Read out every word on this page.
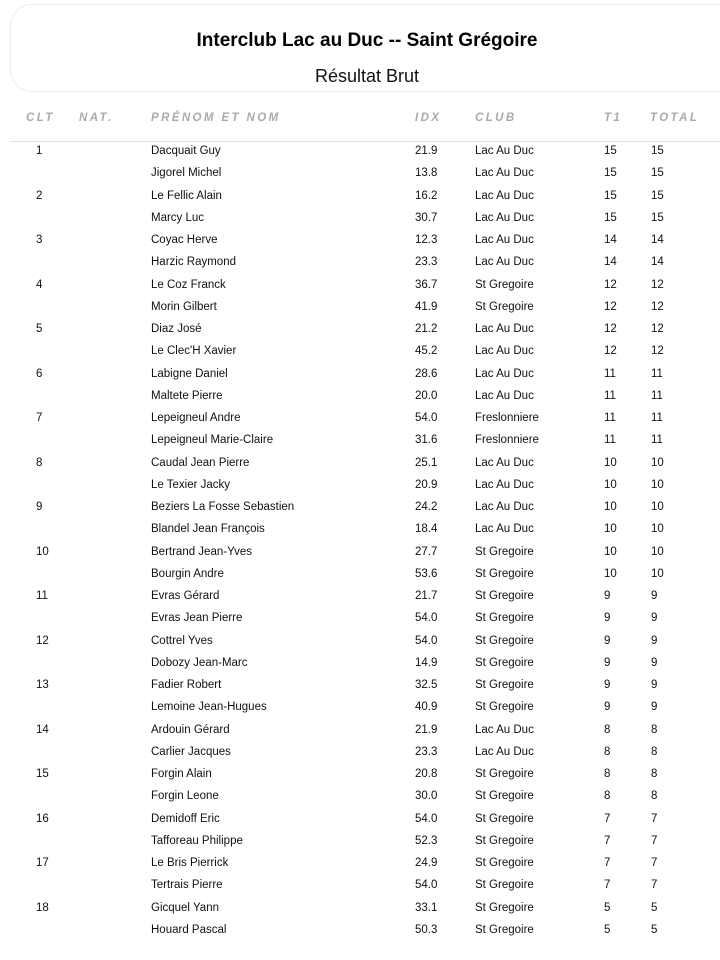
Interclub Lac au Duc -- Saint Grégoire
Résultat Brut
CLT NAT.	PRÉNOM ET NOM	IDX	CLUB	T1 TOTAL
1	Dacquait Guy	21.9	Lac Au Duc	15	15
Jigorel Michel	13.8	Lac Au Duc	15	15
2	Le Fellic Alain	16.2	Lac Au Duc	15	15
Marcy Luc	30.7	Lac Au Duc	15	15
3	Coyac Herve	12.3	Lac Au Duc	14	14
Harzic Raymond	23.3	Lac Au Duc	14	14
4	Le Coz Franck	36.7	St Gregoire	12	12
Morin Gilbert	41.9	St Gregoire	12	12
5	Diaz José	21.2	Lac Au Duc	12	12
Le Clec'H Xavier	45.2	Lac Au Duc	12	12
6	Labigne Daniel	28.6	Lac Au Duc	11	11
Maltete Pierre	20.0	Lac Au Duc	11	11
7	Lepeigneul Andre	54.0	Freslonniere	11	11
Lepeigneul Marie-Claire	31.6	Freslonniere	11	11
8	Caudal Jean Pierre	25.1	Lac Au Duc	10	10
Le Texier Jacky	20.9	Lac Au Duc	10	10
9	Beziers La Fosse Sebastien	24.2	Lac Au Duc	10	10
Blandel Jean François	18.4	Lac Au Duc	10	10
10	Bertrand Jean-Yves	27.7	St Gregoire	10	10
Bourgin Andre	53.6	St Gregoire	10	10
11	Evras Gérard	21.7	St Gregoire	9	9
Evras Jean Pierre	54.0	St Gregoire	9	9
12	Cottrel Yves	54.0	St Gregoire	9	9
Dobozy Jean-Marc	14.9	St Gregoire	9	9
13	Fadier Robert	32.5	St Gregoire	9	9
Lemoine Jean-Hugues	40.9	St Gregoire	9	9
14	Ardouin Gérard	21.9	Lac Au Duc	8	8
Carlier Jacques	23.3	Lac Au Duc	8	8
15	Forgin Alain	20.8	St Gregoire	8	8
Forgin Leone	30.0	St Gregoire	8	8
16	Demidoff Eric	54.0	St Gregoire	7	7
Tafforeau Philippe	52.3	St Gregoire	7	7
17	Le Bris Pierrick	24.9	St Gregoire	7	7
Tertrais Pierre	54.0	St Gregoire	7	7
18	Gicquel Yann	33.1	St Gregoire	5	5
Houard Pascal	50.3	St Gregoire	5	5
